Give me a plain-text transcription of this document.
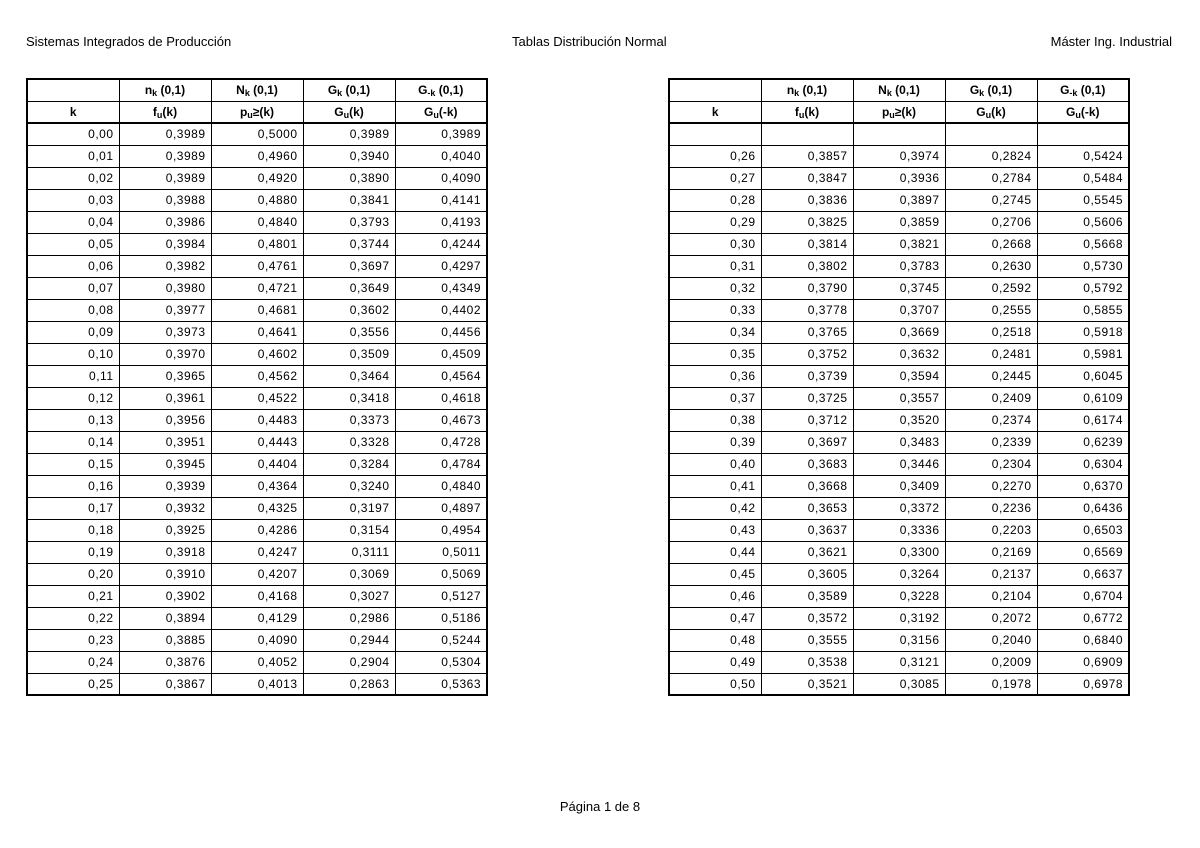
Sistemas Integrados de Producción	Tablas Distribución Normal	Máster Ing. Industrial
	$n_k$ (0,1)	$N_k$ (0,1)	$G_k$ (0,1)	$G_{-k}$ (0,1)
k	$f_u(k)$	$p_u\ge(k)$	$G_u(k)$	$G_u(-k)$
0,00	0,3989	0,5000	0,3989	0,3989
0,01	0,3989	0,4960	0,3940	0,4040
0,02	0,3989	0,4920	0,3890	0,4090
0,03	0,3988	0,4880	0,3841	0,4141
0,04	0,3986	0,4840	0,3793	0,4193
0,05	0,3984	0,4801	0,3744	0,4244
0,06	0,3982	0,4761	0,3697	0,4297
0,07	0,3980	0,4721	0,3649	0,4349
0,08	0,3977	0,4681	0,3602	0,4402
0,09	0,3973	0,4641	0,3556	0,4456
0,10	0,3970	0,4602	0,3509	0,4509
0,11	0,3965	0,4562	0,3464	0,4564
0,12	0,3961	0,4522	0,3418	0,4618
0,13	0,3956	0,4483	0,3373	0,4673
0,14	0,3951	0,4443	0,3328	0,4728
0,15	0,3945	0,4404	0,3284	0,4784
0,16	0,3939	0,4364	0,3240	0,4840
0,17	0,3932	0,4325	0,3197	0,4897
0,18	0,3925	0,4286	0,3154	0,4954
0,19	0,3918	0,4247	0,3111	0,5011
0,20	0,3910	0,4207	0,3069	0,5069
0,21	0,3902	0,4168	0,3027	0,5127
0,22	0,3894	0,4129	0,2986	0,5186
0,23	0,3885	0,4090	0,2944	0,5244
0,24	0,3876	0,4052	0,2904	0,5304
0,25	0,3867	0,4013	0,2863	0,5363
	$n_k$ (0,1)	$N_k$ (0,1)	$G_k$ (0,1)	$G_{-k}$ (0,1)
k	$f_u(k)$	$p_u\ge(k)$	$G_u(k)$	$G_u(-k)$

0,26	0,3857	0,3974	0,2824	0,5424
0,27	0,3847	0,3936	0,2784	0,5484
0,28	0,3836	0,3897	0,2745	0,5545
0,29	0,3825	0,3859	0,2706	0,5606
0,30	0,3814	0,3821	0,2668	0,5668
0,31	0,3802	0,3783	0,2630	0,5730
0,32	0,3790	0,3745	0,2592	0,5792
0,33	0,3778	0,3707	0,2555	0,5855
0,34	0,3765	0,3669	0,2518	0,5918
0,35	0,3752	0,3632	0,2481	0,5981
0,36	0,3739	0,3594	0,2445	0,6045
0,37	0,3725	0,3557	0,2409	0,6109
0,38	0,3712	0,3520	0,2374	0,6174
0,39	0,3697	0,3483	0,2339	0,6239
0,40	0,3683	0,3446	0,2304	0,6304
0,41	0,3668	0,3409	0,2270	0,6370
0,42	0,3653	0,3372	0,2236	0,6436
0,43	0,3637	0,3336	0,2203	0,6503
0,44	0,3621	0,3300	0,2169	0,6569
0,45	0,3605	0,3264	0,2137	0,6637
0,46	0,3589	0,3228	0,2104	0,6704
0,47	0,3572	0,3192	0,2072	0,6772
0,48	0,3555	0,3156	0,2040	0,6840
0,49	0,3538	0,3121	0,2009	0,6909
0,50	0,3521	0,3085	0,1978	0,6978
Página 1 de 8
